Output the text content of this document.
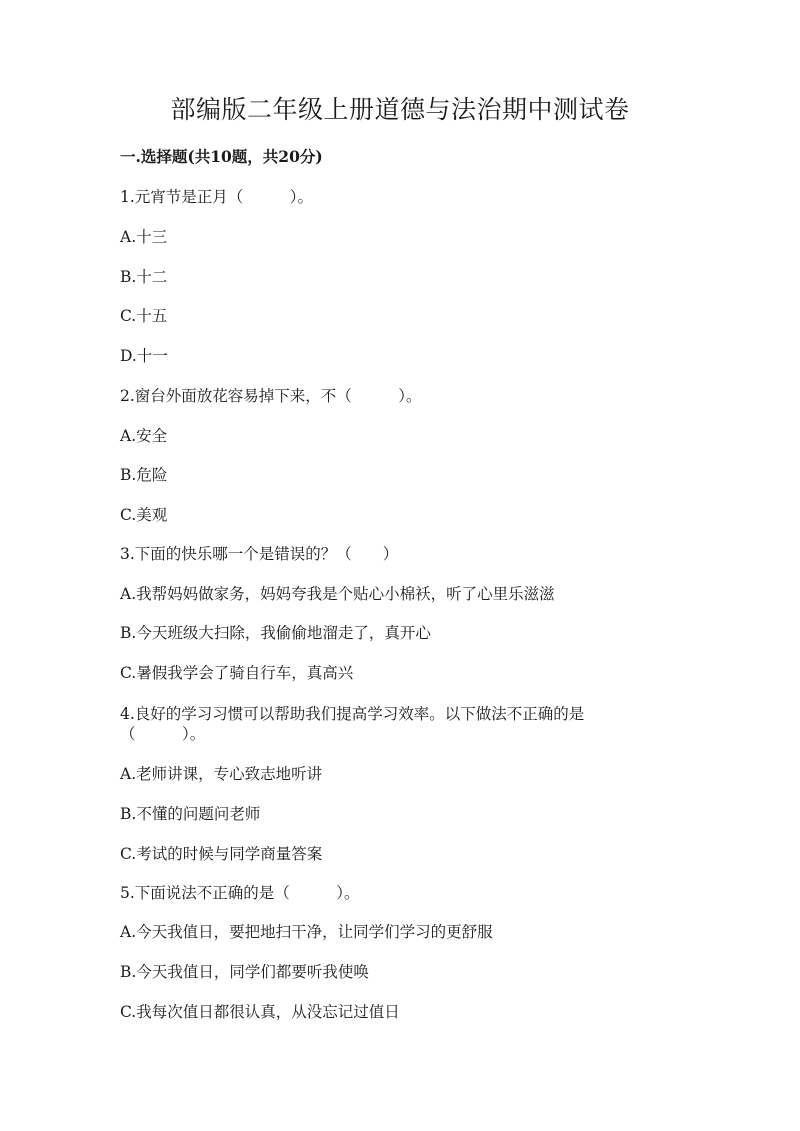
部编版二年级上册道德与法治期中测试卷
一.选择题(共10题，共20分)
1.元宵节是正月（　　　）。
A.十三
B.十二
C.十五
D.十一
2.窗台外面放花容易掉下来，不（　　　）。
A.安全
B.危险
C.美观
3.下面的快乐哪一个是错误的？（　　）
A.我帮妈妈做家务，妈妈夸我是个贴心小棉袄，听了心里乐滋滋
B.今天班级大扫除，我偷偷地溜走了，真开心
C.暑假我学会了骑自行车，真高兴
4.良好的学习习惯可以帮助我们提高学习效率。以下做法不正确的是
（　　　）。
A.老师讲课，专心致志地听讲
B.不懂的问题问老师
C.考试的时候与同学商量答案
5.下面说法不正确的是（　　　）。
A.今天我值日，要把地扫干净，让同学们学习的更舒服
B.今天我值日，同学们都要听我使唤
C.我每次值日都很认真，从没忘记过值日
